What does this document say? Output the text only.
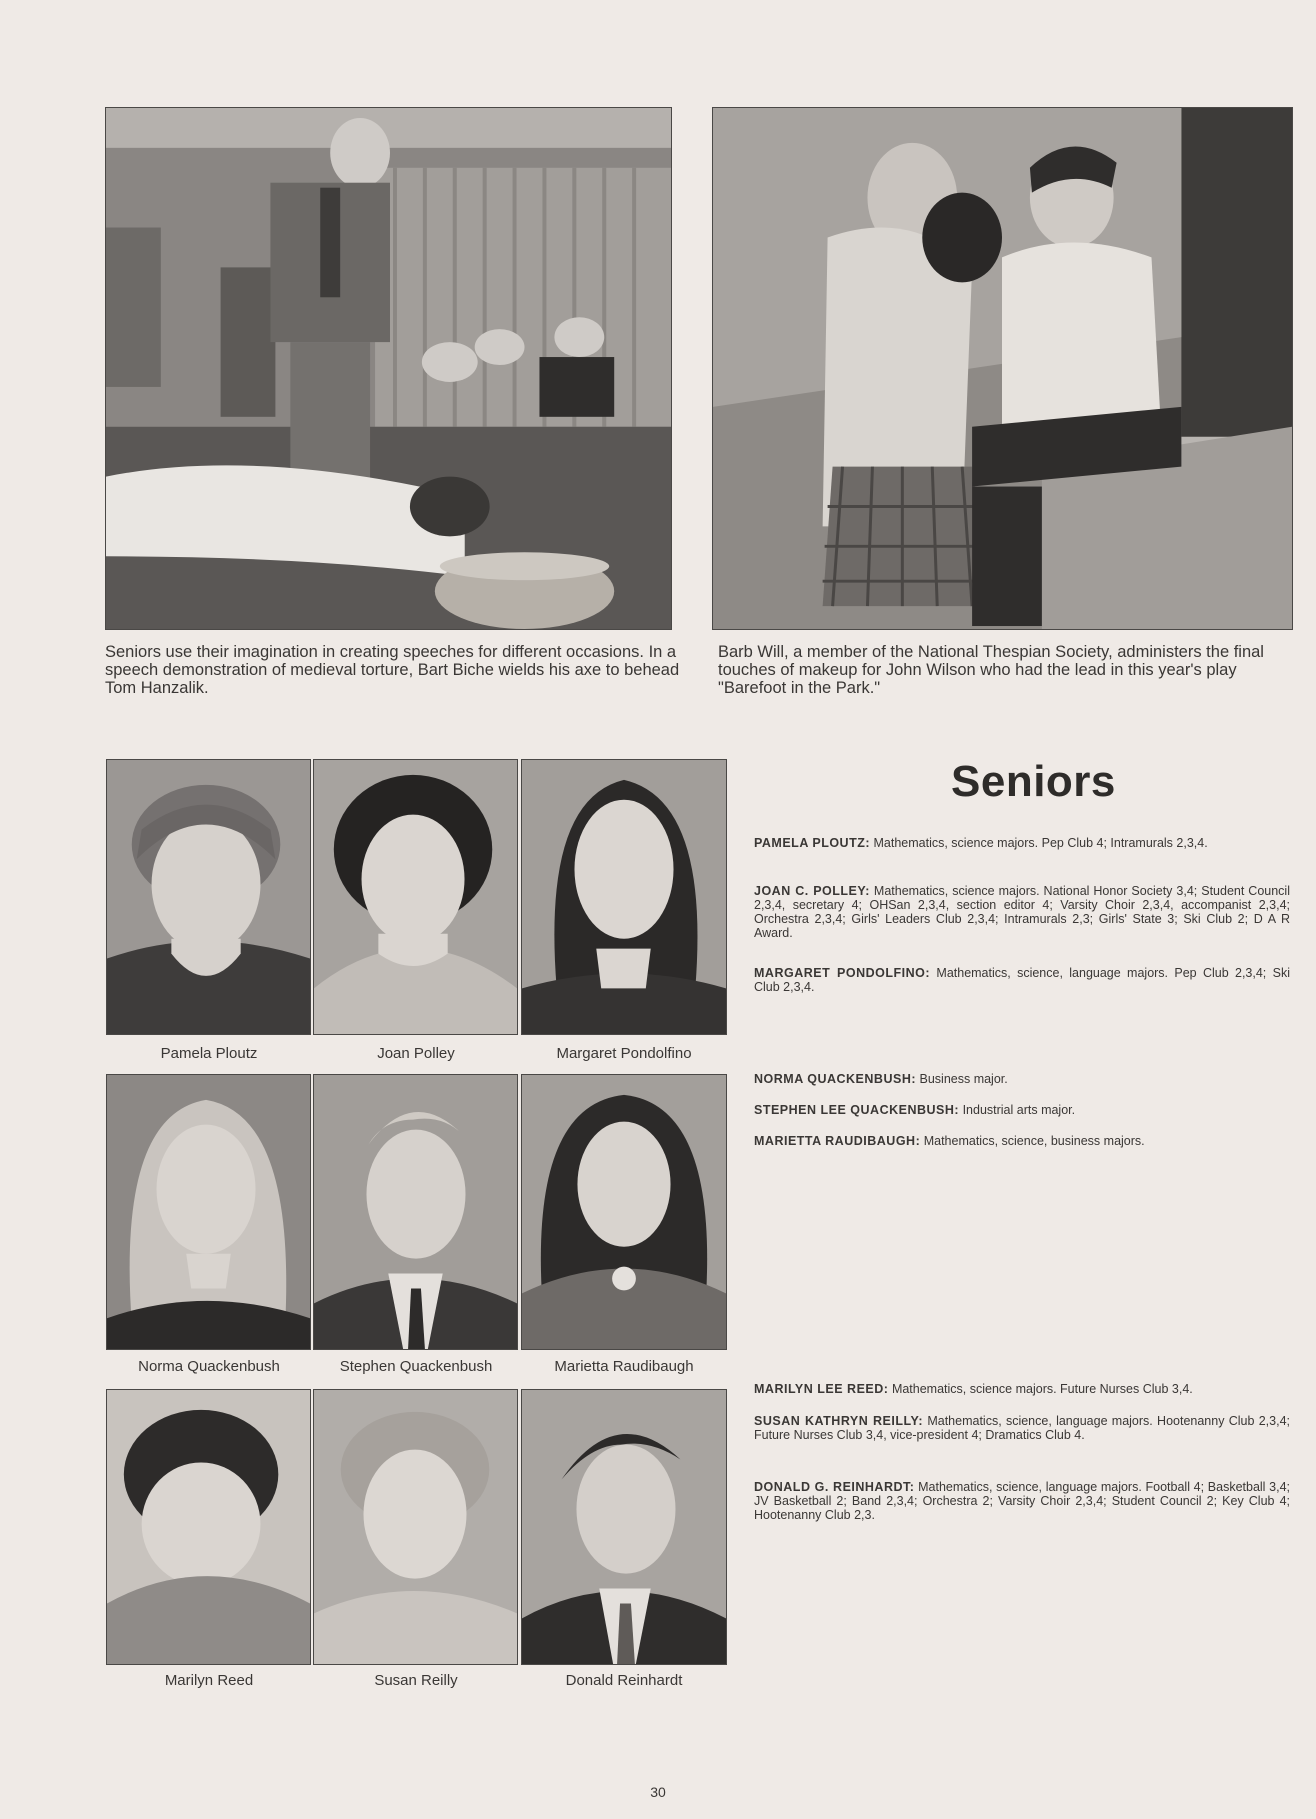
Seniors use their imagination in creating speeches for different occasions. In a speech demonstration of medieval torture, Bart Biche wields his axe to behead Tom Hanzalik.

Barb Will, a member of the National Thespian Society, administers the final touches of makeup for John Wilson who had the lead in this year's play "Barefoot in the Park."

Pamela Ploutz	Joan Polley	Margaret Pondolfino

Norma Quackenbush	Stephen Quackenbush	Marietta Raudibaugh

Marilyn Reed	Susan Reilly	Donald Reinhardt

Seniors

PAMELA PLOUTZ: Mathematics, science majors. Pep Club 4; Intramurals 2,3,4.

JOAN C. POLLEY: Mathematics, science majors. National Honor Society 3,4; Student Council 2,3,4, secretary 4; OHSan 2,3,4, section editor 4; Varsity Choir 2,3,4, accompanist 2,3,4; Orchestra 2,3,4; Girls' Leaders Club 2,3,4; Intramurals 2,3; Girls' State 3; Ski Club 2; D A R Award.

MARGARET PONDOLFINO: Mathematics, science, language majors. Pep Club 2,3,4; Ski Club 2,3,4.

NORMA QUACKENBUSH: Business major.

STEPHEN LEE QUACKENBUSH: Industrial arts major.

MARIETTA RAUDIBAUGH: Mathematics, science, business majors.

MARILYN LEE REED: Mathematics, science majors. Future Nurses Club 3,4.

SUSAN KATHRYN REILLY: Mathematics, science, language majors. Hootenanny Club 2,3,4; Future Nurses Club 3,4, vice-president 4; Dramatics Club 4.

DONALD G. REINHARDT: Mathematics, science, language majors. Football 4; Basketball 3,4; JV Basketball 2; Band 2,3,4; Orchestra 2; Varsity Choir 2,3,4; Student Council 2; Key Club 4; Hootenanny Club 2,3.

30
